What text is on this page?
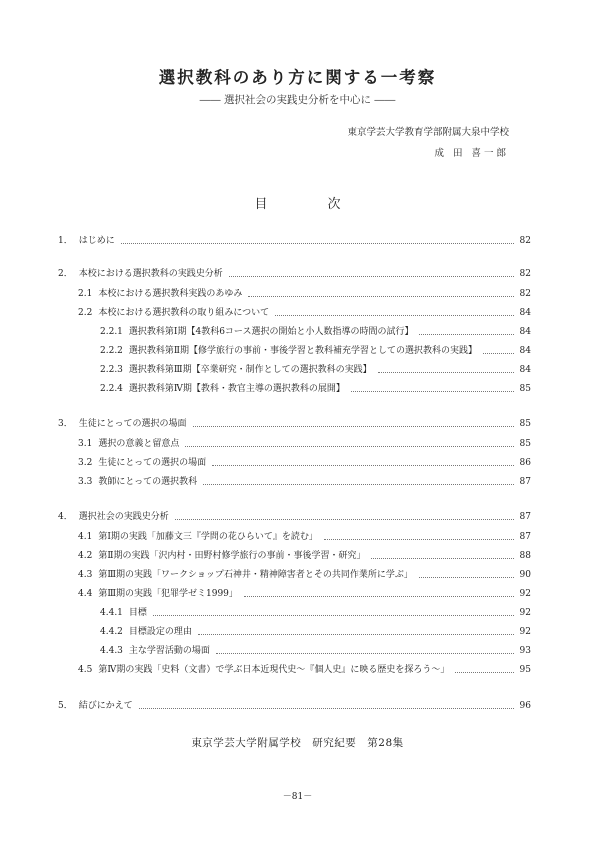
選択教科のあり方に関する一考察
―― 選択社会の実践史分析を中心に ――
東京学芸大学教育学部附属大泉中学校
成 田 喜一郎
目次
1． はじめに	82
2． 本校における選択教科の実践史分析	82
2.1 本校における選択教科実践のあゆみ	82
2.2 本校における選択教科の取り組みについて	84
2.2.1 選択教科第Ⅰ期【4教科6コース選択の開始と小人数指導の時間の試行】	84
2.2.2 選択教科第Ⅱ期【修学旅行の事前・事後学習と教科補充学習としての選択教科の実践】	84
2.2.3 選択教科第Ⅲ期【卒業研究・制作としての選択教科の実践】	84
2.2.4 選択教科第Ⅳ期【教科・教官主導の選択教科の展開】	85
3． 生徒にとっての選択の場面	85
3.1 選択の意義と留意点	85
3.2 生徒にとっての選択の場面	86
3.3 教師にとっての選択教科	87
4． 選択社会の実践史分析	87
4.1 第Ⅰ期の実践「加藤文三『学問の花ひらいて』を読む」	87
4.2 第Ⅱ期の実践「沢内村・田野村修学旅行の事前・事後学習・研究」	88
4.3 第Ⅲ期の実践「ワークショップ石神井・精神障害者とその共同作業所に学ぶ」	90
4.4 第Ⅲ期の実践「犯罪学ゼミ1999」	92
4.4.1 目標	92
4.4.2 目標設定の理由	92
4.4.3 主な学習活動の場面	93
4.5 第Ⅳ期の実践「史料（文書）で学ぶ日本近現代史～『個人史』に映る歴史を探ろう～」	95
5． 結びにかえて	96
東京学芸大学附属学校　研究紀要　第28集
－81－
